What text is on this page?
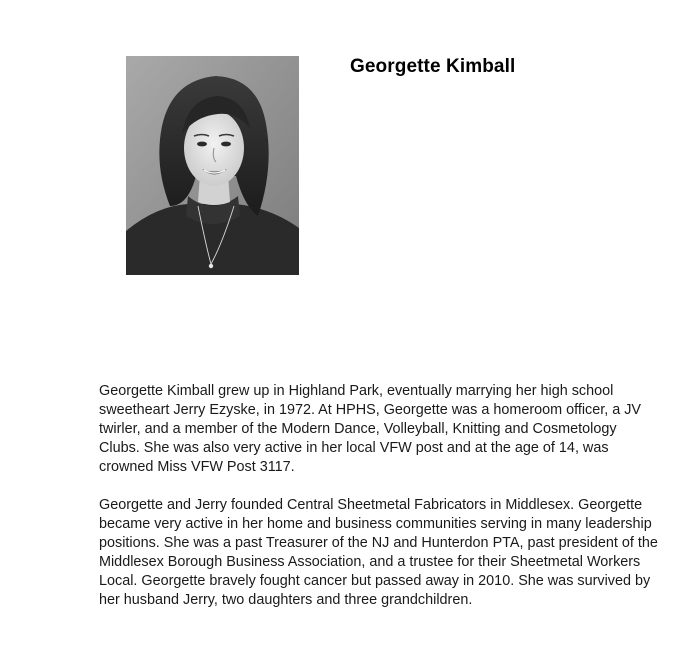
Georgette Kimball

Georgette Kimball grew up in Highland Park, eventually marrying her high school sweetheart Jerry Ezyske, in 1972. At HPHS, Georgette was a homeroom officer, a JV twirler, and a member of the Modern Dance, Volleyball, Knitting and Cosmetology Clubs. She was also very active in her local VFW post and at the age of 14, was crowned Miss VFW Post 3117.

Georgette and Jerry founded Central Sheetmetal Fabricators in Middlesex. Georgette became very active in her home and business communities serving in many leadership positions. She was a past Treasurer of the NJ and Hunterdon PTA, past president of the Middlesex Borough Business Association, and a trustee for their Sheetmetal Workers Local. Georgette bravely fought cancer but passed away in 2010. She was survived by her husband Jerry, two daughters and three grandchildren.
